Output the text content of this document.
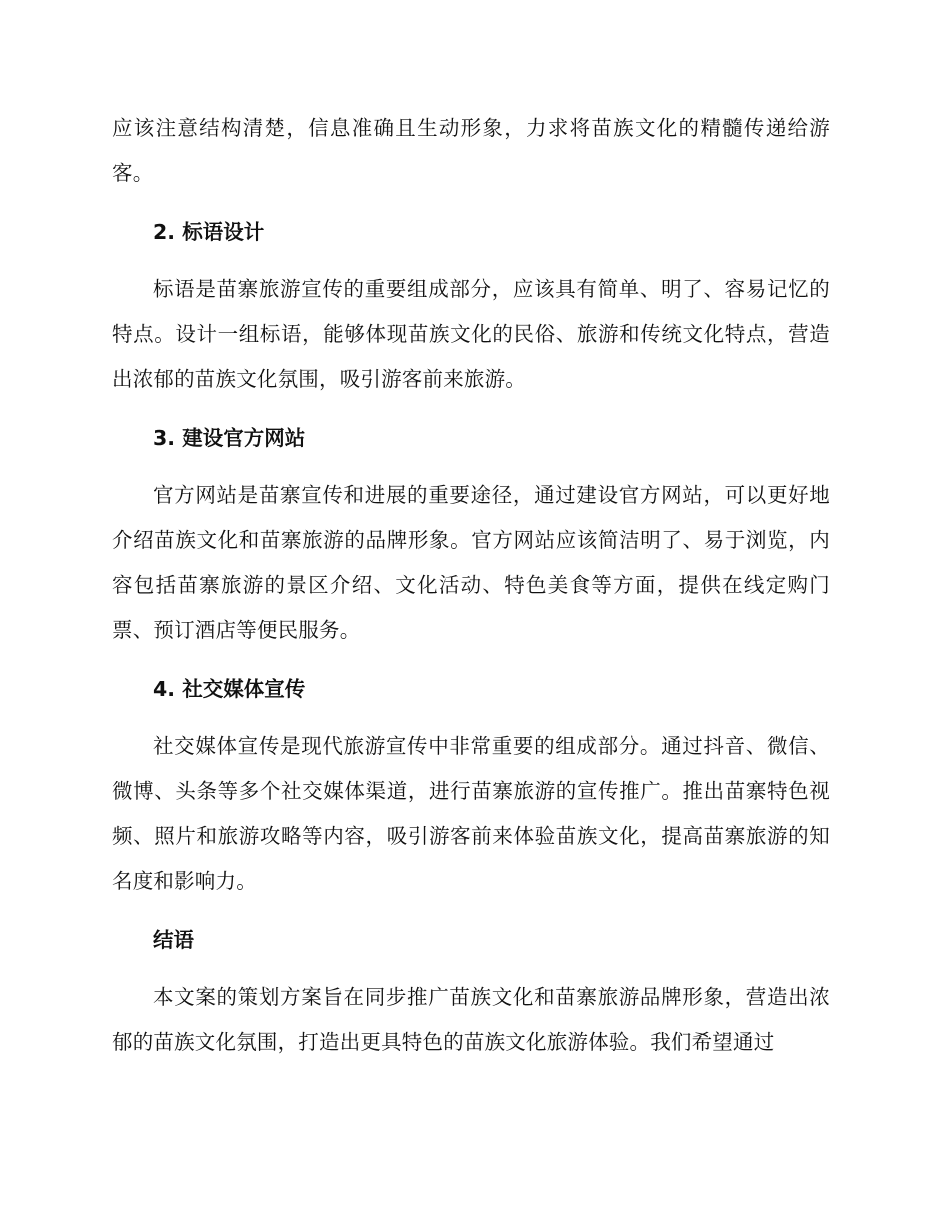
应该注意结构清楚，信息准确且生动形象，力求将苗族文化的精髓传递给游客。

2. 标语设计

标语是苗寨旅游宣传的重要组成部分，应该具有简单、明了、容易记忆的特点。设计一组标语，能够体现苗族文化的民俗、旅游和传统文化特点，营造出浓郁的苗族文化氛围，吸引游客前来旅游。

3. 建设官方网站

官方网站是苗寨宣传和进展的重要途径，通过建设官方网站，可以更好地介绍苗族文化和苗寨旅游的品牌形象。官方网站应该简洁明了、易于浏览，内容包括苗寨旅游的景区介绍、文化活动、特色美食等方面，提供在线定购门票、预订酒店等便民服务。

4. 社交媒体宣传

社交媒体宣传是现代旅游宣传中非常重要的组成部分。通过抖音、微信、微博、头条等多个社交媒体渠道，进行苗寨旅游的宣传推广。推出苗寨特色视频、照片和旅游攻略等内容，吸引游客前来体验苗族文化，提高苗寨旅游的知名度和影响力。

结语

本文案的策划方案旨在同步推广苗族文化和苗寨旅游品牌形象，营造出浓郁的苗族文化氛围，打造出更具特色的苗族文化旅游体验。我们希望通过
